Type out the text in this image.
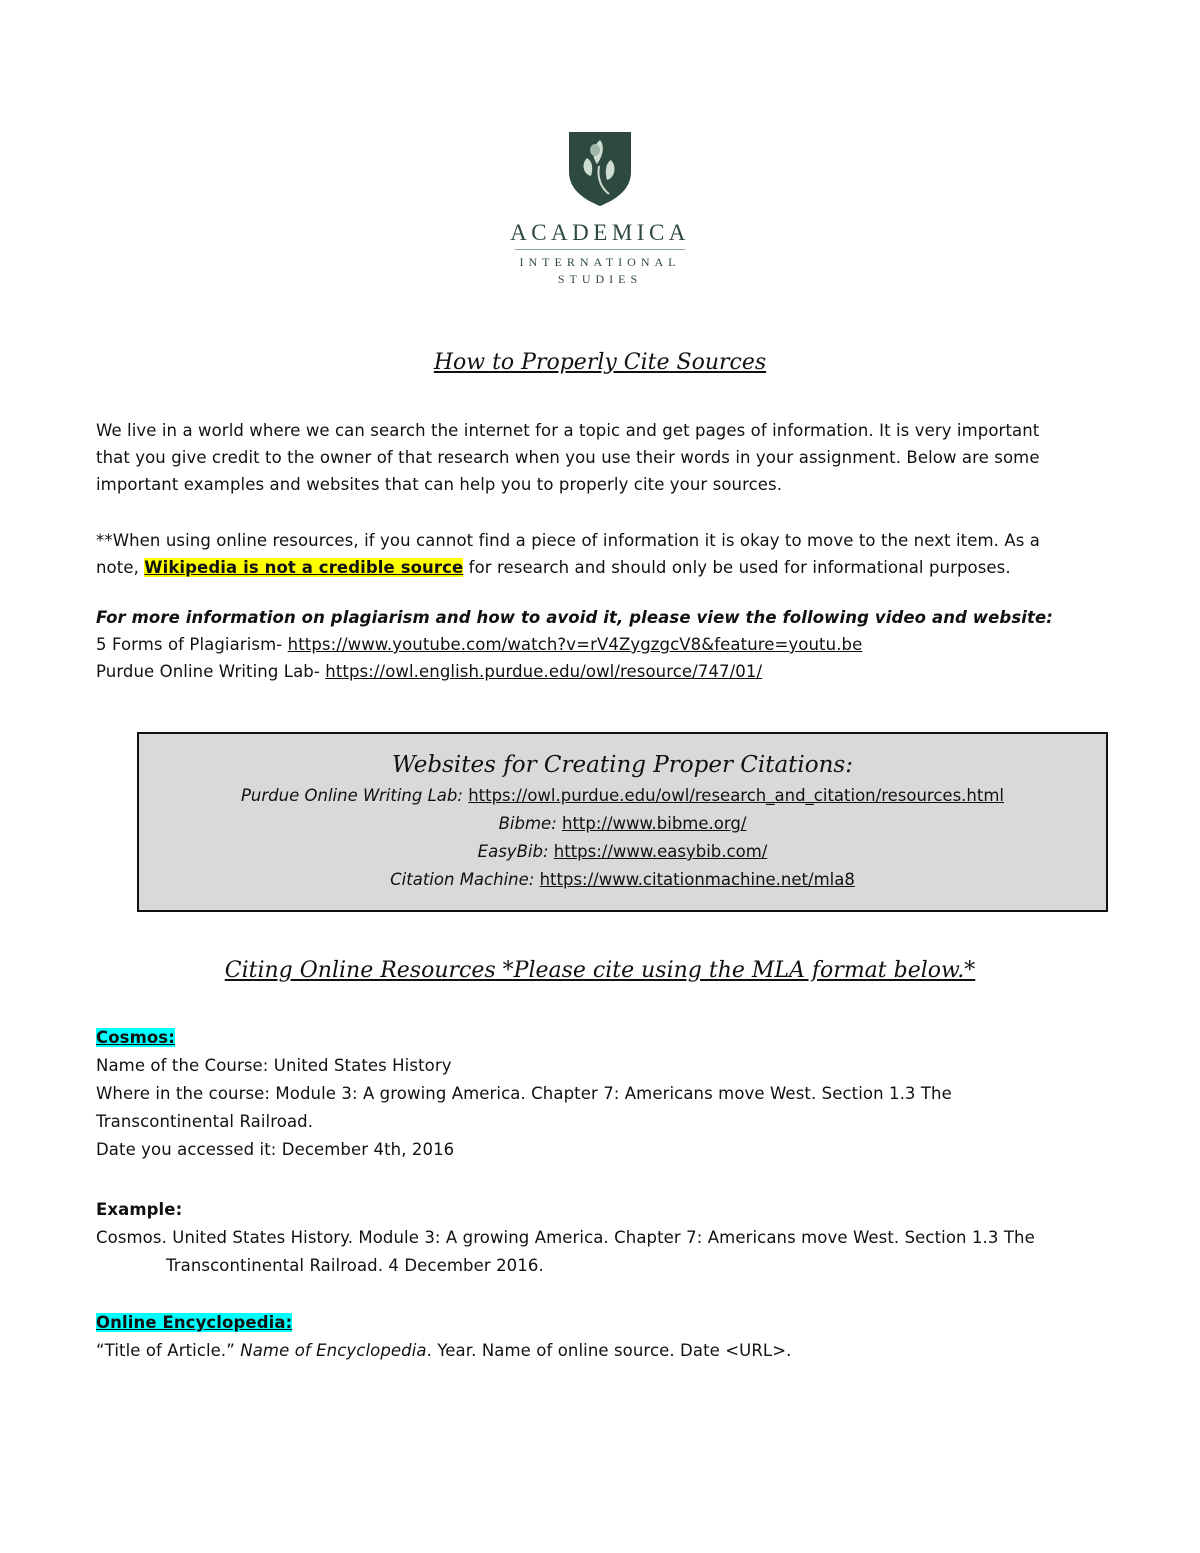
ACADEMICA
INTERNATIONAL
STUDIES
How to Properly Cite Sources
We live in a world where we can search the internet for a topic and get pages of information. It is very important
that you give credit to the owner of that research when you use their words in your assignment. Below are some
important examples and websites that can help you to properly cite your sources.
**When using online resources, if you cannot find a piece of information it is okay to move to the next item. As a
note, Wikipedia is not a credible source for research and should only be used for informational purposes.
For more information on plagiarism and how to avoid it, please view the following video and website:
5 Forms of Plagiarism- https://www.youtube.com/watch?v=rV4ZygzgcV8&feature=youtu.be
Purdue Online Writing Lab- https://owl.english.purdue.edu/owl/resource/747/01/
Websites for Creating Proper Citations:
Purdue Online Writing Lab: https://owl.purdue.edu/owl/research_and_citation/resources.html
Bibme: http://www.bibme.org/
EasyBib: https://www.easybib.com/
Citation Machine: https://www.citationmachine.net/mla8
Citing Online Resources *Please cite using the MLA format below.*
Cosmos:
Name of the Course: United States History
Where in the course: Module 3: A growing America. Chapter 7: Americans move West. Section 1.3 The
Transcontinental Railroad.
Date you accessed it: December 4th, 2016
Example:
Cosmos. United States History. Module 3: A growing America. Chapter 7: Americans move West. Section 1.3 The
Transcontinental Railroad. 4 December 2016.
Online Encyclopedia:
“Title of Article.” Name of Encyclopedia. Year. Name of online source. Date <URL>.
